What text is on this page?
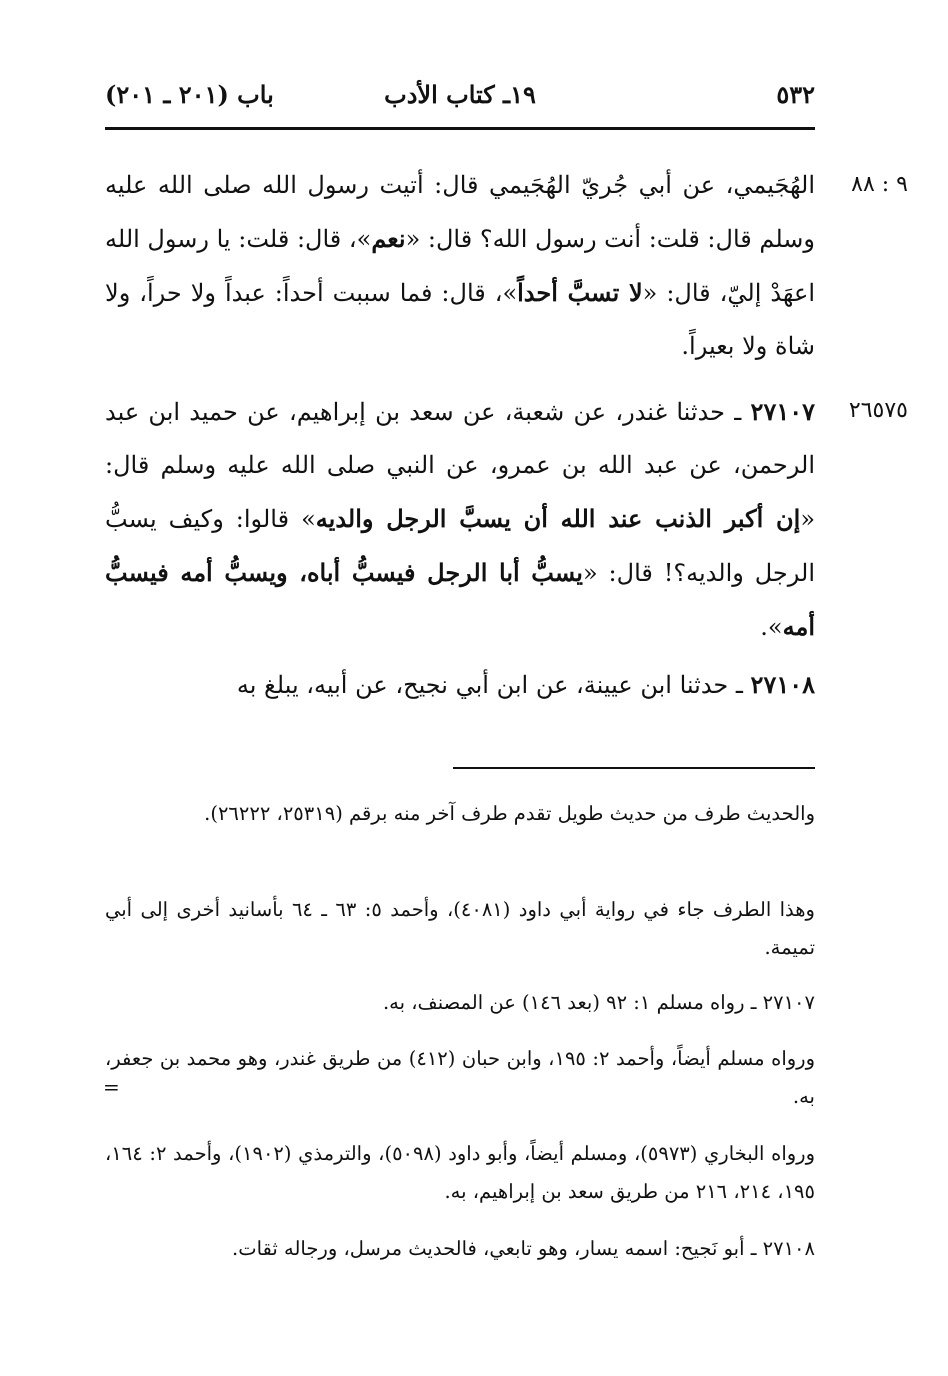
٥٣٢
١٩ـ كتاب الأدب
باب (٢٠١ ـ ٢٠١)
٩ : ٨٨
الهُجَيمي، عن أبي جُريّ الهُجَيمي قال: أتيت رسول الله صلى الله عليه وسلم قال: قلت: أنت رسول الله؟ قال: «نعم»، قال: قلت: يا رسول الله اعهَدْ إليّ، قال: «لا تسبَّ أحداً»، قال: فما سببت أحداً: عبداً ولا حراً، ولا شاة ولا بعيراً.
٢٦٥٧٥
٢٧١٠٧ ـ حدثنا غندر، عن شعبة، عن سعد بن إبراهيم، عن حميد ابن عبد الرحمن، عن عبد الله بن عمرو، عن النبي صلى الله عليه وسلم قال: «إن أكبر الذنب عند الله أن يسبَّ الرجل والديه» قالوا: وكيف يسبُّ الرجل والديه؟! قال: «يسبُّ أبا الرجل فيسبُّ أباه، ويسبُّ أمه فيسبُّ أمه».
٢٧١٠٨ ـ حدثنا ابن عيينة، عن ابن أبي نجيح، عن أبيه، يبلغ به
والحديث طرف من حديث طويل تقدم طرف آخر منه برقم (٢٥٣١٩، ٢٦٢٢٢).
وهذا الطرف جاء في رواية أبي داود (٤٠٨١)، وأحمد ٥: ٦٣ ـ ٦٤ بأسانيد أخرى إلى أبي تميمة.
٢٧١٠٧ ـ رواه مسلم ١: ٩٢ (بعد ١٤٦) عن المصنف، به.
ورواه مسلم أيضاً، وأحمد ٢: ١٩٥، وابن حبان (٤١٢) من طريق غندر، وهو محمد بن جعفر، به.
ورواه البخاري (٥٩٧٣)، ومسلم أيضاً، وأبو داود (٥٠٩٨)، والترمذي (١٩٠٢)، وأحمد ٢: ١٦٤، ١٩٥، ٢١٤، ٢١٦ من طريق سعد بن إبراهيم، به.
٢٧١٠٨ ـ أبو نَجيح: اسمه يسار، وهو تابعي، فالحديث مرسل، ورجاله ثقات.
=
